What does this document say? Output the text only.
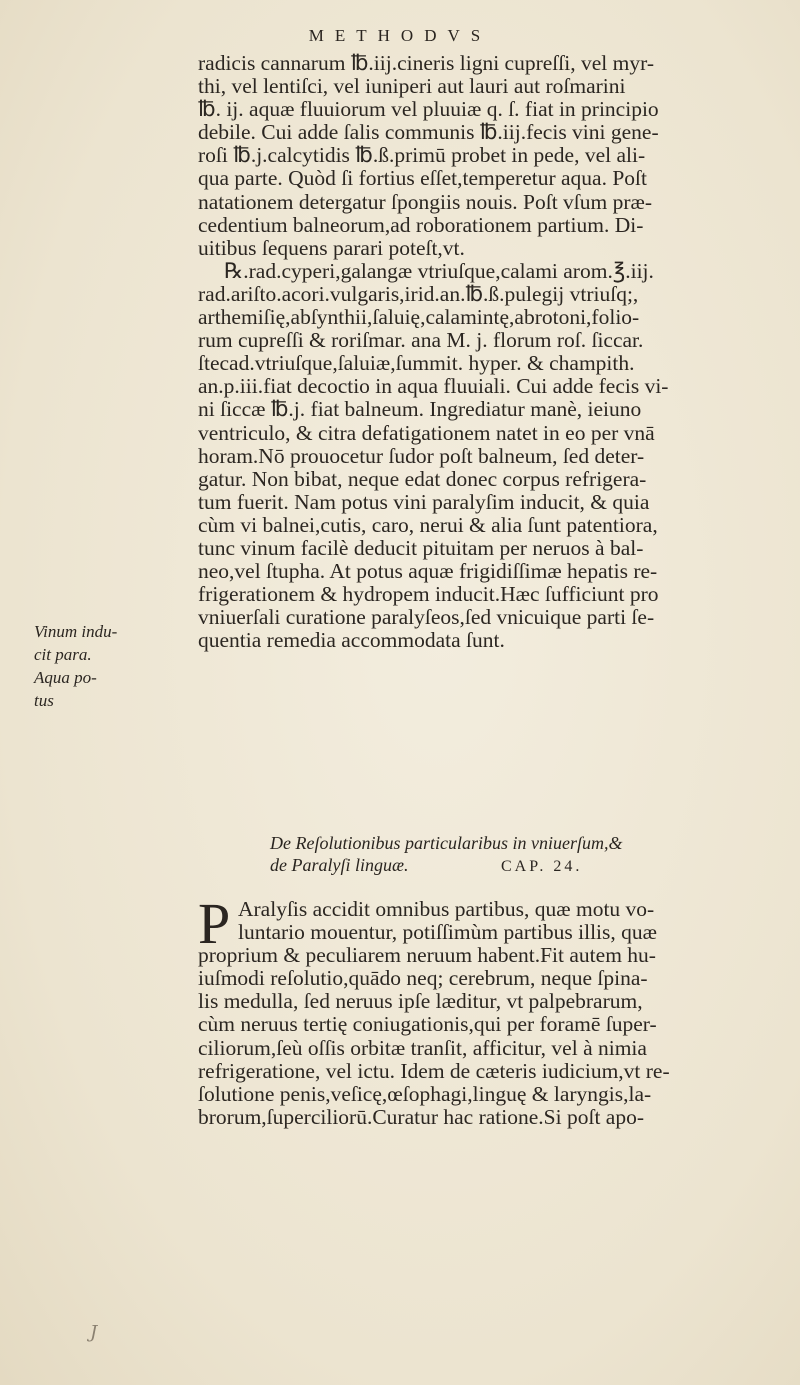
METHODVS
radicis cannarum ℔.iij.cineris ligni cupreſſi, vel myr-
thi, vel lentiſci, vel iuniperi aut lauri aut roſmarini
℔. ij. aquæ fluuiorum vel pluuiæ q. ſ. fiat in principio
debile. Cui adde ſalis communis ℔.iij.fecis vini gene-
roſi ℔.j.calcytidis ℔.ß.primū probet in pede, vel ali-
qua parte. Quòd ſi fortius eſſet,temperetur aqua. Poſt
natationem detergatur ſpongiis nouis. Poſt vſum præ-
cedentium balneorum,ad roborationem partium. Di-
uitibus ſequens parari poteſt,vt.
℞.rad.cyperi,galangæ vtriuſque,calami arom.℥.iij.
rad.ariſto.acori.vulgaris,irid.an.℔.ß.pulegij vtriuſq;,
arthemiſię,abſynthii,ſaluię,calamintę,abrotoni,folio-
rum cupreſſi & roriſmar. ana M. j. florum roſ. ſiccar.
ſtecad.vtriuſque,ſaluiæ,ſummit. hyper. & champith.
an.p.iii.fiat decoctio in aqua fluuiali. Cui adde fecis vi-
ni ſiccæ ℔.j. fiat balneum. Ingrediatur manè, ieiuno
ventriculo, & citra defatigationem natet in eo per vnā
horam.Nō prouocetur ſudor poſt balneum, ſed deter-
gatur. Non bibat, neque edat donec corpus refrigera-
tum fuerit. Nam potus vini paralyſim inducit, & quia
cùm vi balnei,cutis, caro, nerui & alia ſunt patentiora,
tunc vinum facilè deducit pituitam per neruos à bal-
neo,vel ſtupha. At potus aquæ frigidiſſimæ hepatis re-
frigerationem & hydropem inducit.Hæc ſufficiunt pro
vniuerſali curatione paralyſeos,ſed vnicuique parti ſe-
quentia remedia accommodata ſunt.
Vinum indu-
cit para.
Aqua po-
tus
De Reſolutionibus particularibus in vniuerſum,&
de Paralyſi linguæ.	CAP. 24.
P Aralyſis accidit omnibus partibus, quæ motu vo-
luntario mouentur, potiſſimùm partibus illis, quæ
proprium & peculiarem neruum habent.Fit autem hu-
iuſmodi reſolutio,quādo neq; cerebrum, neque ſpina-
lis medulla, ſed neruus ipſe læditur, vt palpebrarum,
cùm neruus tertię coniugationis,qui per foramē ſuper-
ciliorum,ſeù oſſis orbitæ tranſit, afficitur, vel à nimia
refrigeratione, vel ictu. Idem de cæteris iudicium,vt re-
ſolutione penis,veſicę,œſophagi,linguę & laryngis,la-
brorum,ſuperciliorū.Curatur hac ratione.Si poſt apo-
J
